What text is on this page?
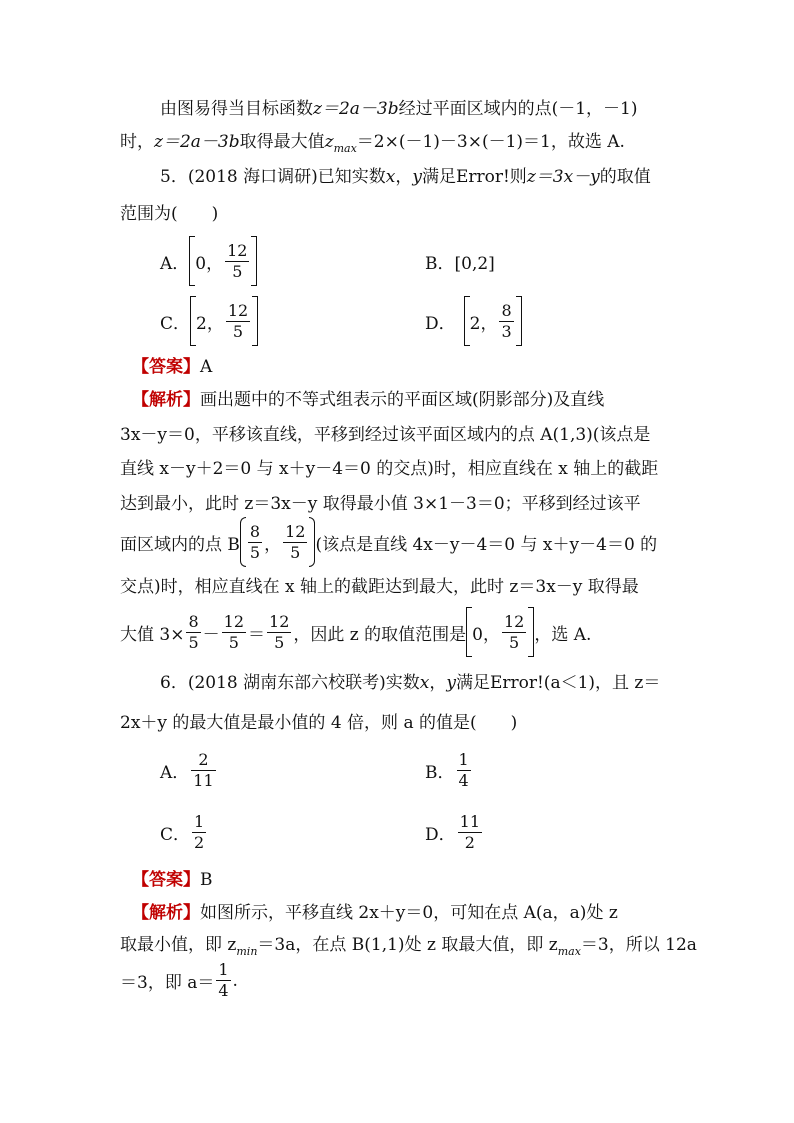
由图易得当目标函数z＝2a－3b经过平面区域内的点(－1，－1)
时，z＝2a－3b取得最大值$z_{max}=2\times(-1)-3\times(-1)=1$，故选 A.
5．(2018 海口调研)已知实数x，y满足Error!则z＝3x－y的取值
范围为(　　)
A． 0， $\frac{12}{5}$	B．[0,2]
C． 2， $\frac{12}{5}$	D． 2， $\frac{8}{3}$
【答案】A
【解析】画出题中的不等式组表示的平面区域(阴影部分)及直线
3x－y＝0，平移该直线，平移到经过该平面区域内的点 A(1,3)(该点是
直线 x－y＋2＝0 与 x＋y－4＝0 的交点)时，相应直线在 x 轴上的截距
达到最小，此时 z＝3x－y 取得最小值 3×1－3＝0；平移到经过该平
面区域内的点 B $\frac{8}{5}$ ， $\frac{12}{5}$ (该点是直线 4x－y－4＝0 与 x＋y－4＝0 的
交点)时，相应直线在 x 轴上的截距达到最大，此时 z＝3x－y 取得最
大值 $3\times \frac{8}{5} - \frac{12}{5} = \frac{12}{5}$ ，因此 z 的取值范围是 0， $\frac{12}{5}$ ，选 A.
6．(2018 湖南东部六校联考)实数x，y满足Error!(a＜1)，且 z＝
2x＋y 的最大值是最小值的 4 倍，则 a 的值是(　　)
A． $\frac{2}{11}$	B． $\frac{1}{4}$
C． $\frac{1}{2}$	D． $\frac{11}{2}$
【答案】B
【解析】如图所示，平移直线 2x＋y＝0，可知在点 A(a，a)处 z
取最小值，即 $z_{min}=3a$，在点 B(1,1)处 z 取最大值，即 $z_{max}=3$，所以 12a
＝3，即 $a= \frac{1}{4}$ .
